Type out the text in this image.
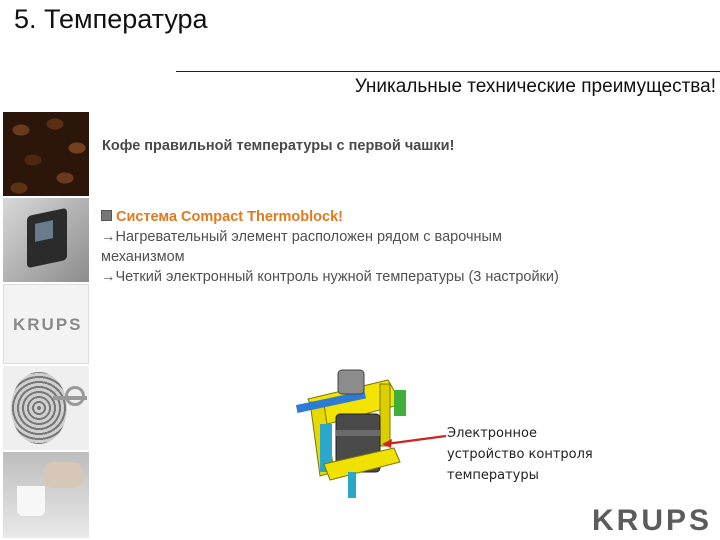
5. Температура
Уникальные технические преимущества!
KRUPS
Кофе правильной температуры с первой чашки!
Система Compact Thermoblock!
→Нагревательный элемент расположен рядом с варочным
механизмом
→Четкий электронный контроль нужной температуры (3 настройки)
Электронное
устройство контроля
температуры
KRUPS
